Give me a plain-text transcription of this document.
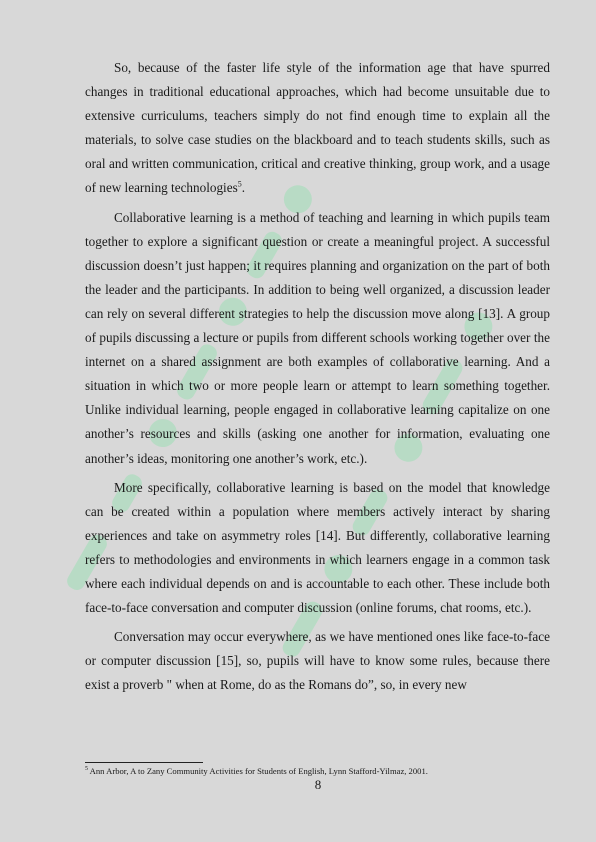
So, because of the faster life style of the information age that have spurred changes in traditional educational approaches, which had become unsuitable due to extensive curriculums, teachers simply do not find enough time to explain all the materials, to solve case studies on the blackboard and to teach students skills, such as oral and written communication, critical and creative thinking, group work, and a usage of new learning technologies$^5$.

Collaborative learning is a method of teaching and learning in which pupils team together to explore a significant question or create a meaningful project. A successful discussion doesn’t just happen; it requires planning and organization on the part of both the leader and the participants. In addition to being well organized, a discussion leader can rely on several different strategies to help the discussion move along [13]. A group of pupils discussing a lecture or pupils from different schools working together over the internet on a shared assignment are both examples of collaborative learning. And a situation in which two or more people learn or attempt to learn something together. Unlike individual learning, people engaged in collaborative learning capitalize on one another’s resources and skills (asking one another for information, evaluating one another’s ideas, monitoring one another’s work, etc.).

More specifically, collaborative learning is based on the model that knowledge can be created within a population where members actively interact by sharing experiences and take on asymmetry roles [14]. But differently, collaborative learning refers to methodologies and environments in which learners engage in a common task where each individual depends on and is accountable to each other. These include both face-to-face conversation and computer discussion (online forums, chat rooms, etc.).

Conversation may occur everywhere, as we have mentioned ones like face-to-face or computer discussion [15], so, pupils will have to know some rules, because there exist a proverb " when at Rome, do as the Romans do”, so, in every new

$^5$ Ann Arbor, A to Zany Community Activities for Students of English, Lynn Stafford-Yilmaz, 2001.
8
